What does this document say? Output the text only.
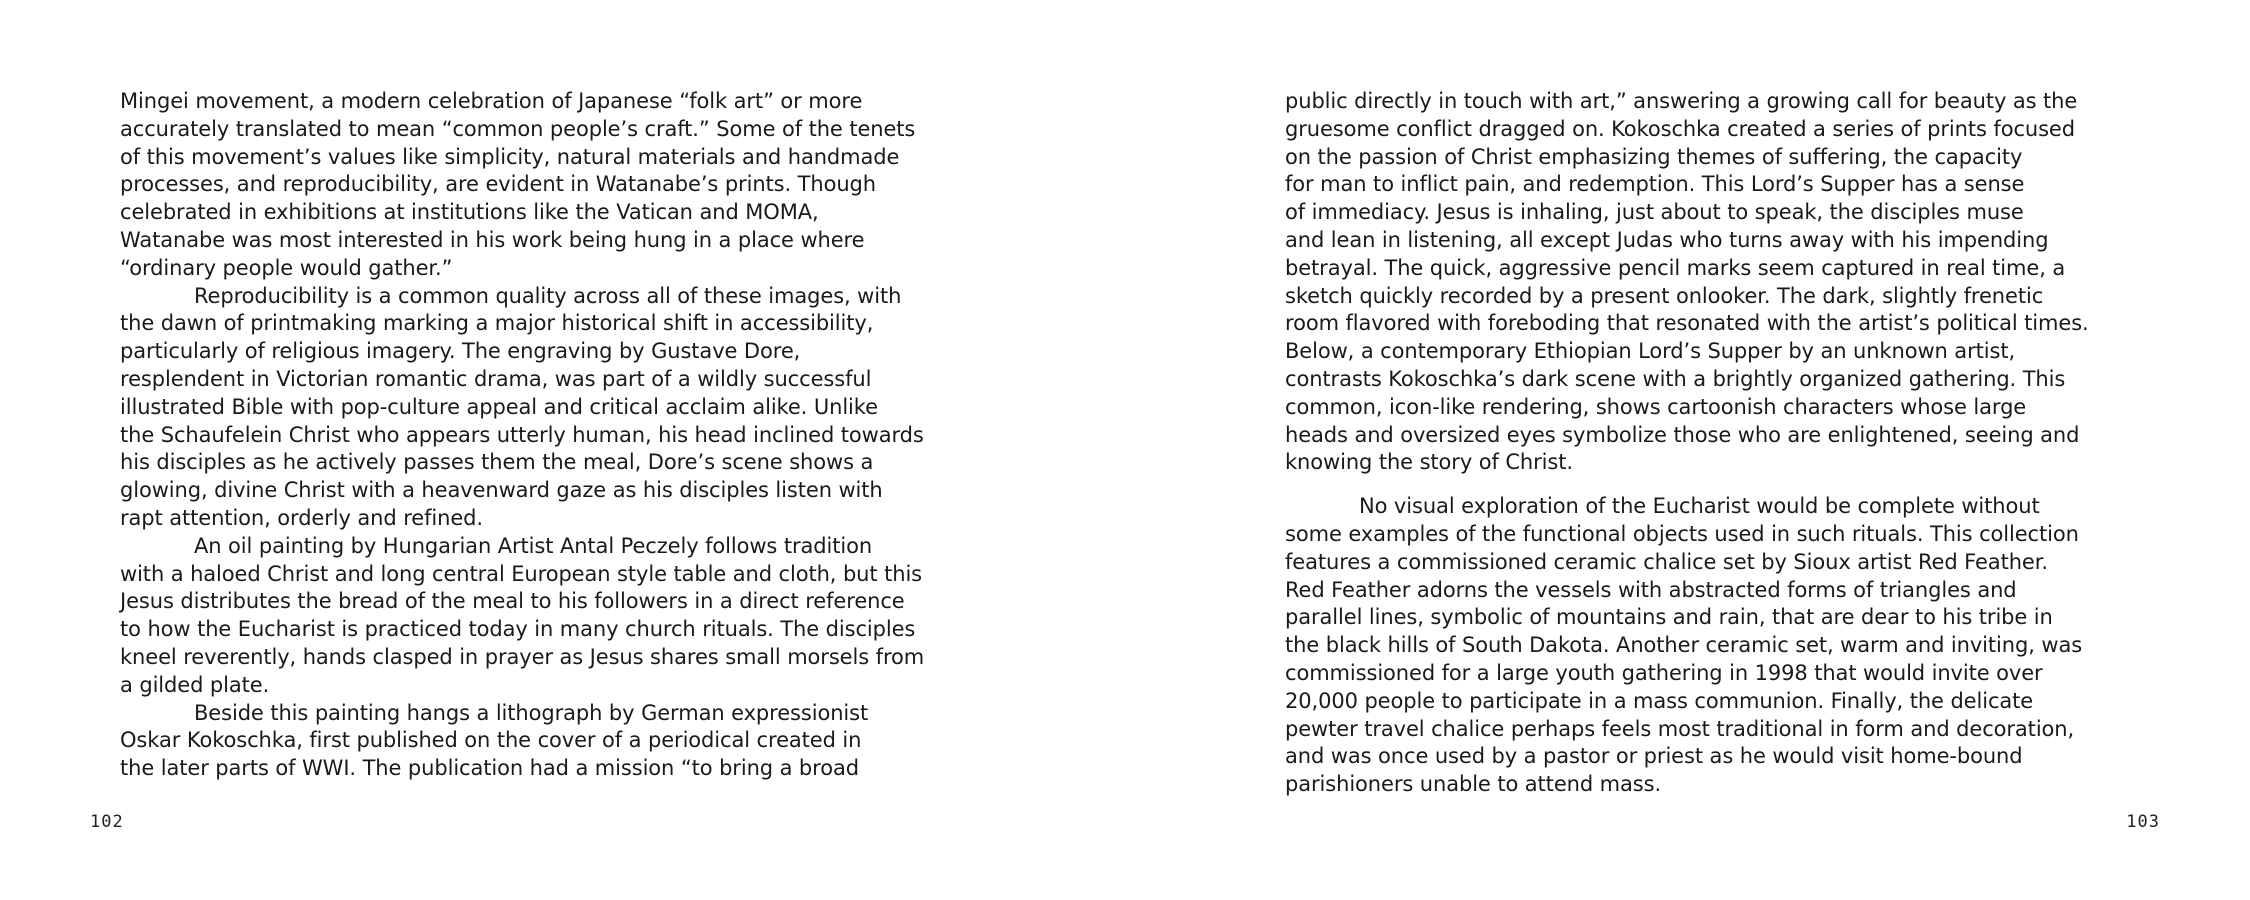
Mingei movement, a modern celebration of Japanese “folk art” or more
accurately translated to mean “common people’s craft.” Some of the tenets
of this movement’s values like simplicity, natural materials and handmade
processes, and reproducibility, are evident in Watanabe’s prints. Though
celebrated in exhibitions at institutions like the Vatican and MOMA,
Watanabe was most interested in his work being hung in a place where
“ordinary people would gather.”
Reproducibility is a common quality across all of these images, with
the dawn of printmaking marking a major historical shift in accessibility,
particularly of religious imagery. The engraving by Gustave Dore,
resplendent in Victorian romantic drama, was part of a wildly successful
illustrated Bible with pop-culture appeal and critical acclaim alike. Unlike
the Schaufelein Christ who appears utterly human, his head inclined towards
his disciples as he actively passes them the meal, Dore’s scene shows a
glowing, divine Christ with a heavenward gaze as his disciples listen with
rapt attention, orderly and refined.
An oil painting by Hungarian Artist Antal Peczely follows tradition
with a haloed Christ and long central European style table and cloth, but this
Jesus distributes the bread of the meal to his followers in a direct reference
to how the Eucharist is practiced today in many church rituals. The disciples
kneel reverently, hands clasped in prayer as Jesus shares small morsels from
a gilded plate.
Beside this painting hangs a lithograph by German expressionist
Oskar Kokoschka, first published on the cover of a periodical created in
the later parts of WWI. The publication had a mission “to bring a broad
102
public directly in touch with art,” answering a growing call for beauty as the
gruesome conflict dragged on. Kokoschka created a series of prints focused
on the passion of Christ emphasizing themes of suffering, the capacity
for man to inflict pain, and redemption. This Lord’s Supper has a sense
of immediacy. Jesus is inhaling, just about to speak, the disciples muse
and lean in listening, all except Judas who turns away with his impending
betrayal. The quick, aggressive pencil marks seem captured in real time, a
sketch quickly recorded by a present onlooker. The dark, slightly frenetic
room flavored with foreboding that resonated with the artist’s political times.
Below, a contemporary Ethiopian Lord’s Supper by an unknown artist,
contrasts Kokoschka’s dark scene with a brightly organized gathering. This
common, icon-like rendering, shows cartoonish characters whose large
heads and oversized eyes symbolize those who are enlightened, seeing and
knowing the story of Christ.
No visual exploration of the Eucharist would be complete without
some examples of the functional objects used in such rituals. This collection
features a commissioned ceramic chalice set by Sioux artist Red Feather.
Red Feather adorns the vessels with abstracted forms of triangles and
parallel lines, symbolic of mountains and rain, that are dear to his tribe in
the black hills of South Dakota. Another ceramic set, warm and inviting, was
commissioned for a large youth gathering in 1998 that would invite over
20,000 people to participate in a mass communion. Finally, the delicate
pewter travel chalice perhaps feels most traditional in form and decoration,
and was once used by a pastor or priest as he would visit home-bound
parishioners unable to attend mass.
103
